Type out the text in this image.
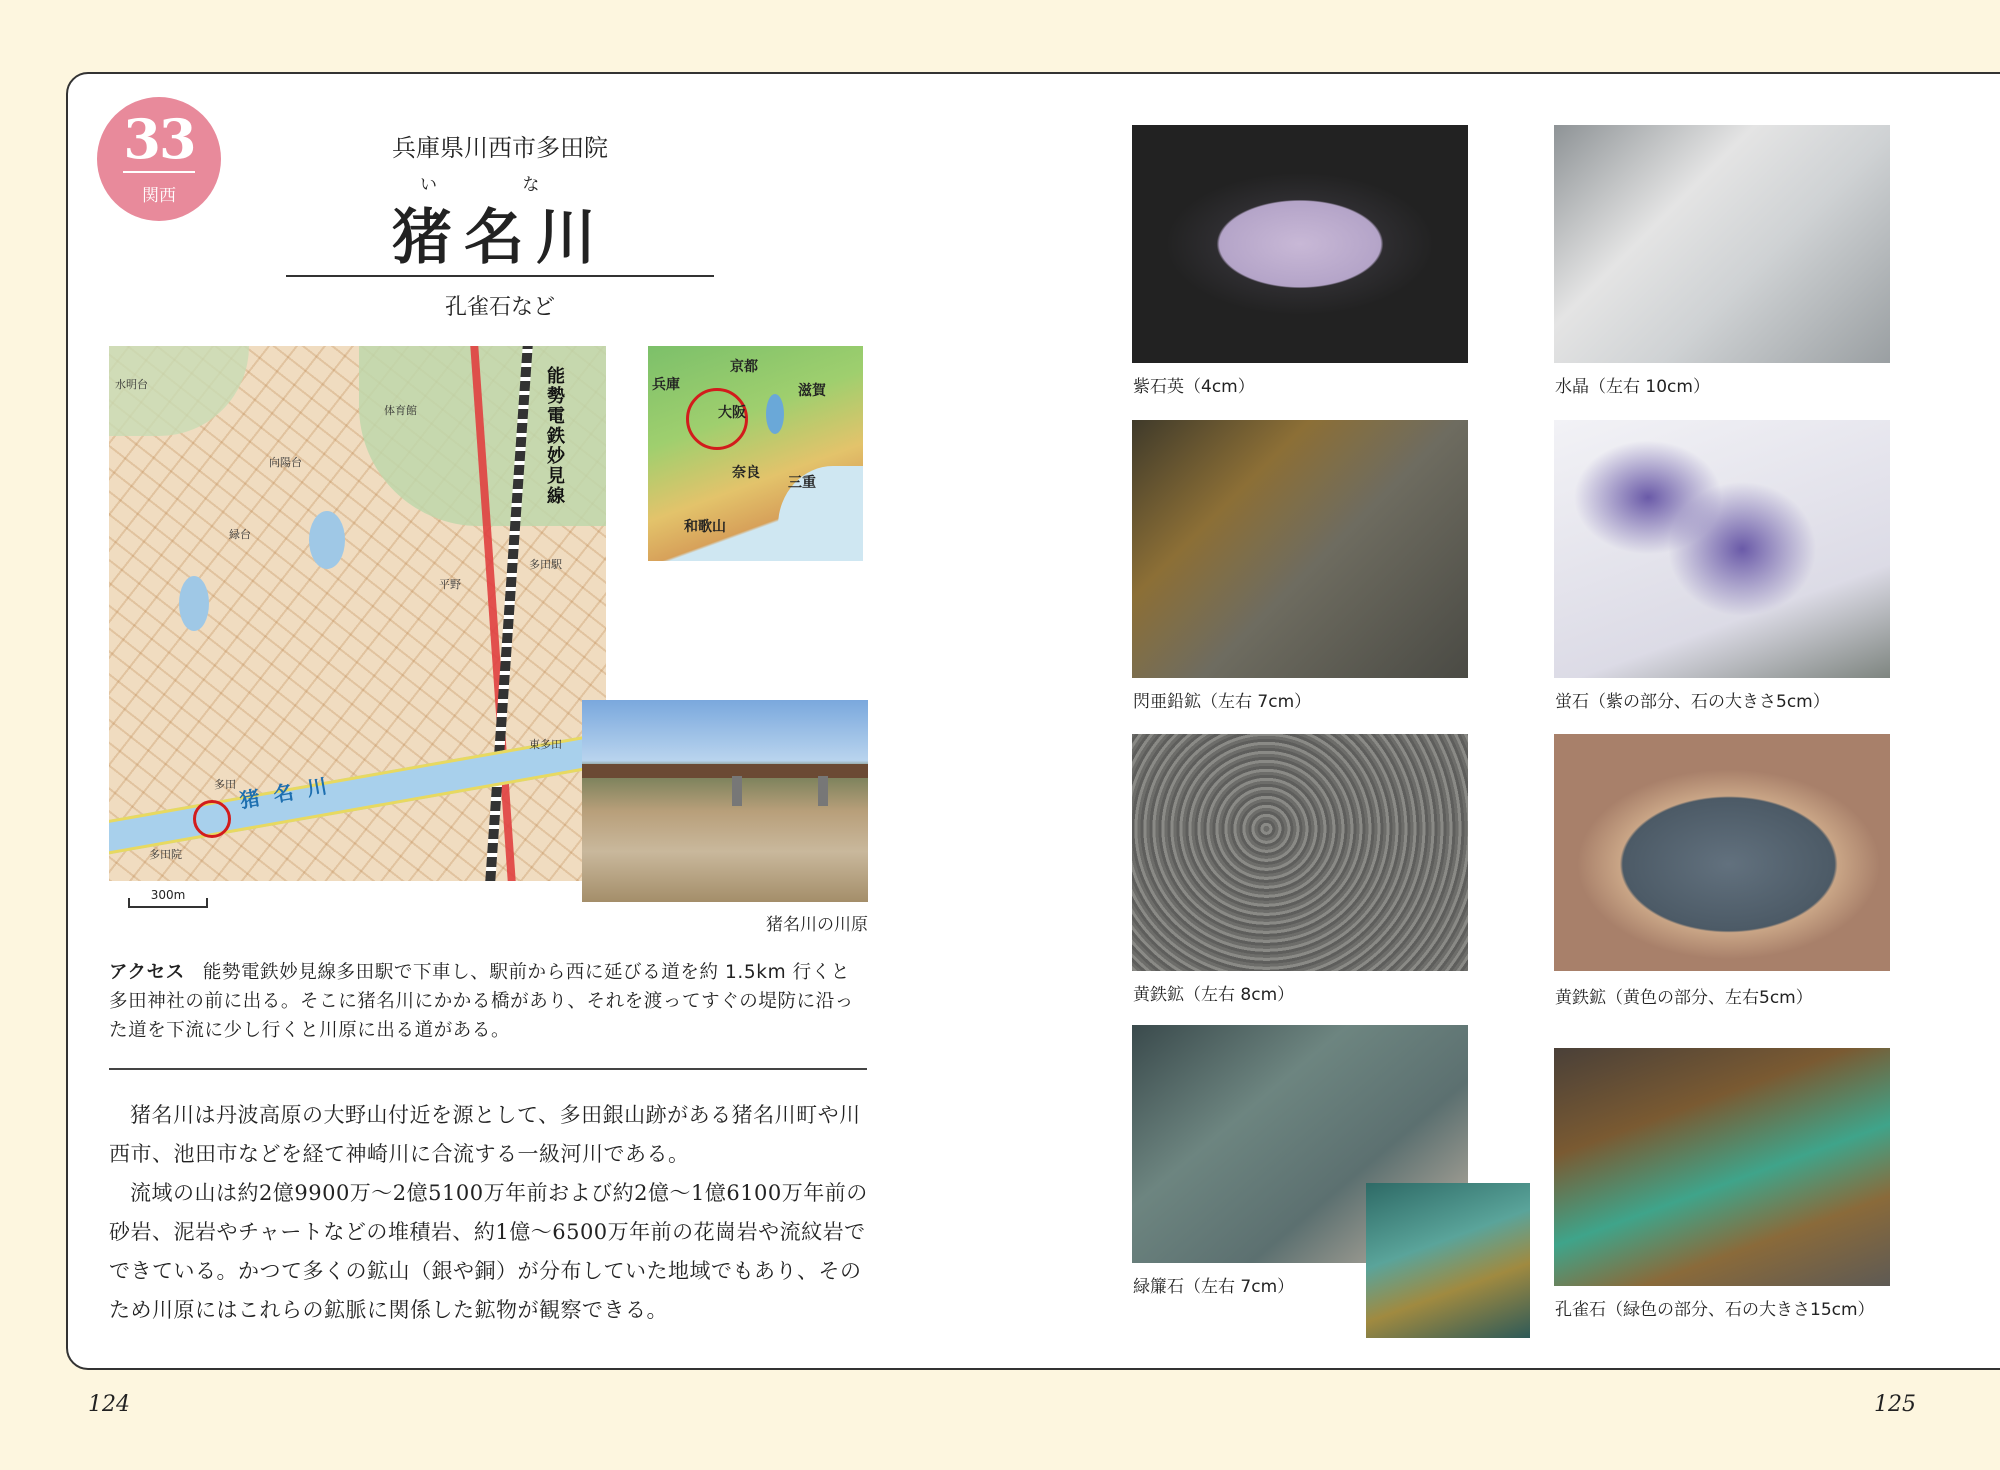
33
関西
兵庫県川西市多田院
い な
猪名川
孔雀石など
能勢電鉄妙見線
猪名川
水明台
体育館
向陽台
緑台
平野
多田院
多田
東多田
多田駅
300m
京都
兵庫	滋賀
大阪
奈良
三重
和歌山
猪名川の川原
アクセス 能勢電鉄妙見線多田駅で下車し、駅前から西に延びる道を約 1.5km 行くと多田神社の前に出る。そこに猪名川にかかる橋があり、それを渡ってすぐの堤防に沿った道を下流に少し行くと川原に出る道がある。

猪名川は丹波高原の大野山付近を源として、多田銀山跡がある猪名川町や川西市、池田市などを経て神崎川に合流する一級河川である。

流域の山は約2億9900万〜2億5100万年前および約2億〜1億6100万年前の砂岩、泥岩やチャートなどの堆積岩、約1億〜6500万年前の花崗岩や流紋岩でできている。かつて多くの鉱山（銀や銅）が分布していた地域でもあり、そのため川原にはこれらの鉱脈に関係した鉱物が観察できる。

紫石英（4cm）	水晶（左右 10cm）
閃亜鉛鉱（左右 7cm）	蛍石（紫の部分、石の大きさ5cm）
黄鉄鉱（左右 8cm）	黄鉄鉱（黄色の部分、左右5cm）
緑簾石（左右 7cm）
孔雀石（緑色の部分、石の大きさ15cm）
124	125
